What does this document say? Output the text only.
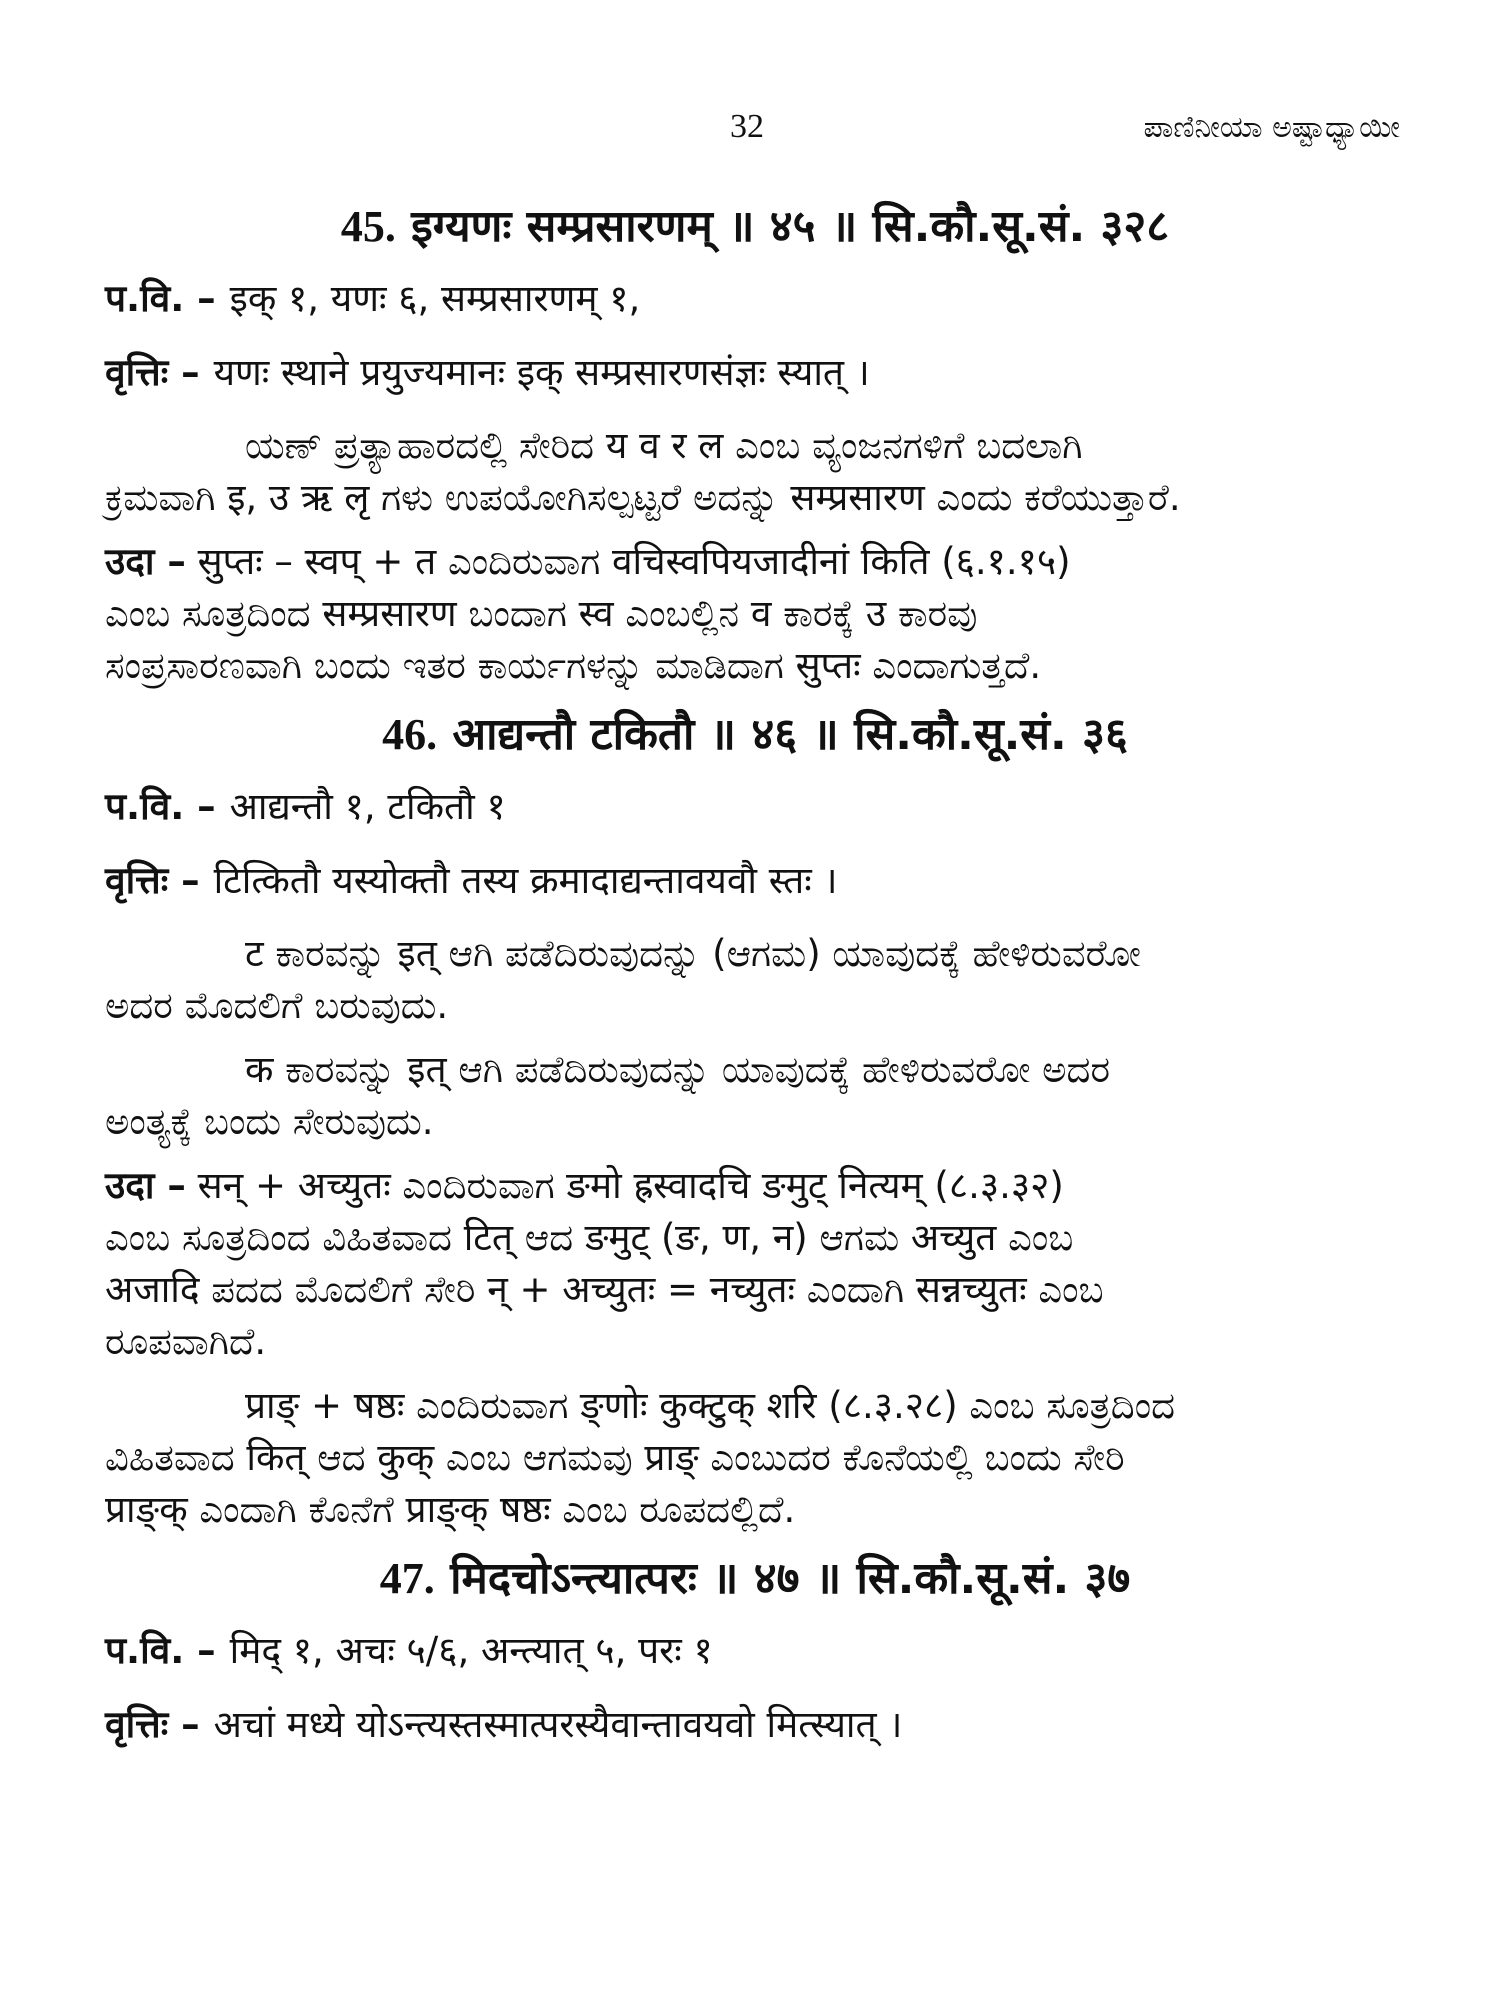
32	ಪಾಣಿನೀಯಾ ಅಷ್ಟಾಧ್ಯಾಯೀ
45. इग्यणः सम्प्रसारणम् ॥ ४५ ॥ सि.कौ.सू.सं. ३२८
प.वि. – इक् १, यणः ६, सम्प्रसारणम् १,
वृत्तिः – यणः स्थाने प्रयुज्यमानः इक् सम्प्रसारणसंज्ञः स्यात् ।
ಯಣ್ ಪ್ರತ್ಯಾಹಾರದಲ್ಲಿ ಸೇರಿದ य व र ल ಎಂಬ ವ್ಯಂಜನಗಳಿಗೆ ಬದಲಾಗಿ
ಕ್ರಮವಾಗಿ इ, उ ऋ लृ ಗಳು ಉಪಯೋಗಿಸಲ್ಪಟ್ಟರೆ ಅದನ್ನು सम्प्रसारण ಎಂದು ಕರೆಯುತ್ತಾರೆ.
उदा – सुप्तः – स्वप् + त ಎಂದಿರುವಾಗ वचिस्वपियजादीनां किति (६.१.१५)
ಎಂಬ ಸೂತ್ರದಿಂದ सम्प्रसारण ಬಂದಾಗ स्व ಎಂಬಲ್ಲಿನ व ಕಾರಕ್ಕೆ उ ಕಾರವು
ಸಂಪ್ರಸಾರಣವಾಗಿ ಬಂದು ಇತರ ಕಾರ್ಯಗಳನ್ನು ಮಾಡಿದಾಗ सुप्तः ಎಂದಾಗುತ್ತದೆ.
46. आद्यन्तौ टकितौ ॥ ४६ ॥ सि.कौ.सू.सं. ३६
प.वि. – आद्यन्तौ १, टकितौ १
वृत्तिः – टित्कितौ यस्योक्तौ तस्य क्रमादाद्यन्तावयवौ स्तः ।
ट ಕಾರವನ್ನು इत् ಆಗಿ ಪಡೆದಿರುವುದನ್ನು (ಆಗಮ) ಯಾವುದಕ್ಕೆ ಹೇಳಿರುವರೋ
ಅದರ ಮೊದಲಿಗೆ ಬರುವುದು.
क ಕಾರವನ್ನು इत् ಆಗಿ ಪಡೆದಿರುವುದನ್ನು ಯಾವುದಕ್ಕೆ ಹೇಳಿರುವರೋ ಅದರ
ಅಂತ್ಯಕ್ಕೆ ಬಂದು ಸೇರುವುದು.
उदा – सन् + अच्युतः ಎಂದಿರುವಾಗ ङमो ह्रस्वादचि ङमुट् नित्यम् (८.३.३२)
ಎಂಬ ಸೂತ್ರದಿಂದ ವಿಹಿತವಾದ टित् ಆದ ङमुट् (ङ, ण, न) ಆಗಮ अच्युत ಎಂಬ
अजादि ಪದದ ಮೊದಲಿಗೆ ಸೇರಿ न् + अच्युतः = नच्युतः ಎಂದಾಗಿ सन्नच्युतः ಎಂಬ
ರೂಪವಾಗಿದೆ.
प्राङ् + षष्ठः ಎಂದಿರುವಾಗ ङ्णोः कुक्टुक् शरि (८.३.२८) ಎಂಬ ಸೂತ್ರದಿಂದ
ವಿಹಿತವಾದ कित् ಆದ कुक् ಎಂಬ ಆಗಮವು प्राङ् ಎಂಬುದರ ಕೊನೆಯಲ್ಲಿ ಬಂದು ಸೇರಿ
प्राङ्क् ಎಂದಾಗಿ ಕೊನೆಗೆ प्राङ्क् षष्ठः ಎಂಬ ರೂಪದಲ್ಲಿದೆ.
47. मिदचोऽन्त्यात्परः ॥ ४७ ॥ सि.कौ.सू.सं. ३७
प.वि. – मिद् १, अचः ५/६, अन्त्यात् ५, परः १
वृत्तिः – अचां मध्ये योऽन्त्यस्तस्मात्परस्यैवान्तावयवो मित्स्यात् ।
